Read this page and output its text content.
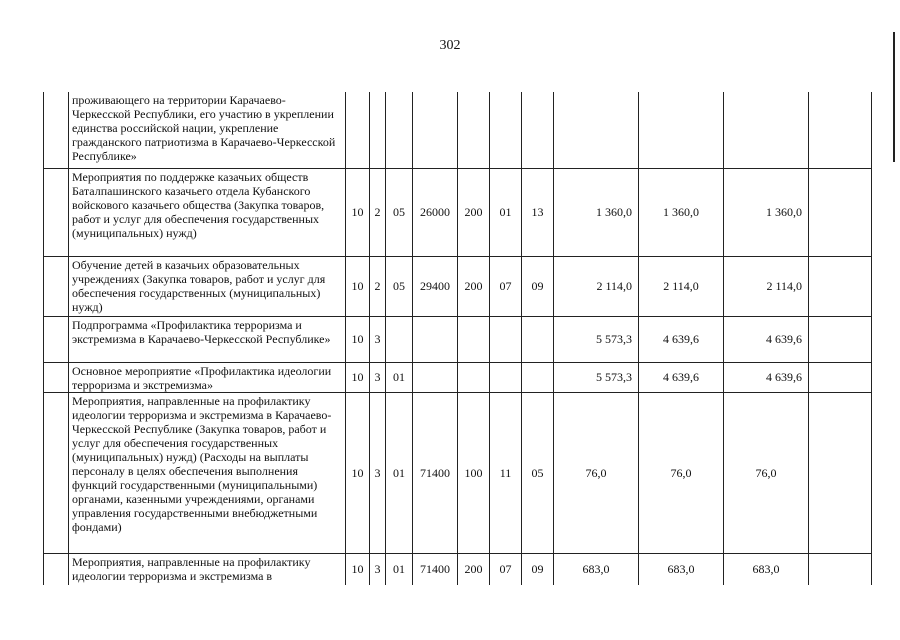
302
	проживающего на территории Карачаево-Черкесской Республики, его участию в укреплении единства российской нации, укрепление гражданского патриотизма в Карачаево-Черкесской Республике»											
	Мероприятия по поддержке казачьих обществ Баталпашинского казачьего отдела Кубанского войскового казачьего общества (Закупка товаров, работ и услуг для обеспечения государственных (муниципальных) нужд)	10	2	05	26000	200	01	13	1 360,0	1 360,0	1 360,0	
	Обучение детей в казачьих образовательных учреждениях (Закупка товаров, работ и услуг для обеспечения государственных (муниципальных) нужд)	10	2	05	29400	200	07	09	2 114,0	2 114,0	2 114,0	
	Подпрограмма «Профилактика терроризма и экстремизма в Карачаево-Черкесской Республике»	10	3						5 573,3	4 639,6	4 639,6	
	Основное мероприятие «Профилактика идеологии терроризма и экстремизма»	10	3	01					5 573,3	4 639,6	4 639,6	
	Мероприятия, направленные на профилактику идеологии терроризма и экстремизма в Карачаево-Черкесской Республике (Закупка товаров, работ и услуг для обеспечения государственных (муниципальных) нужд) (Расходы на выплаты персоналу в целях обеспечения выполнения функций государственными (муниципальными) органами, казенными учреждениями, органами управления государственными внебюджетными фондами)	10	3	01	71400	100	11	05	76,0	76,0	76,0	
	Мероприятия, направленные на профилактику идеологии терроризма и экстремизма в	10	3	01	71400	200	07	09	683,0	683,0	683,0	
